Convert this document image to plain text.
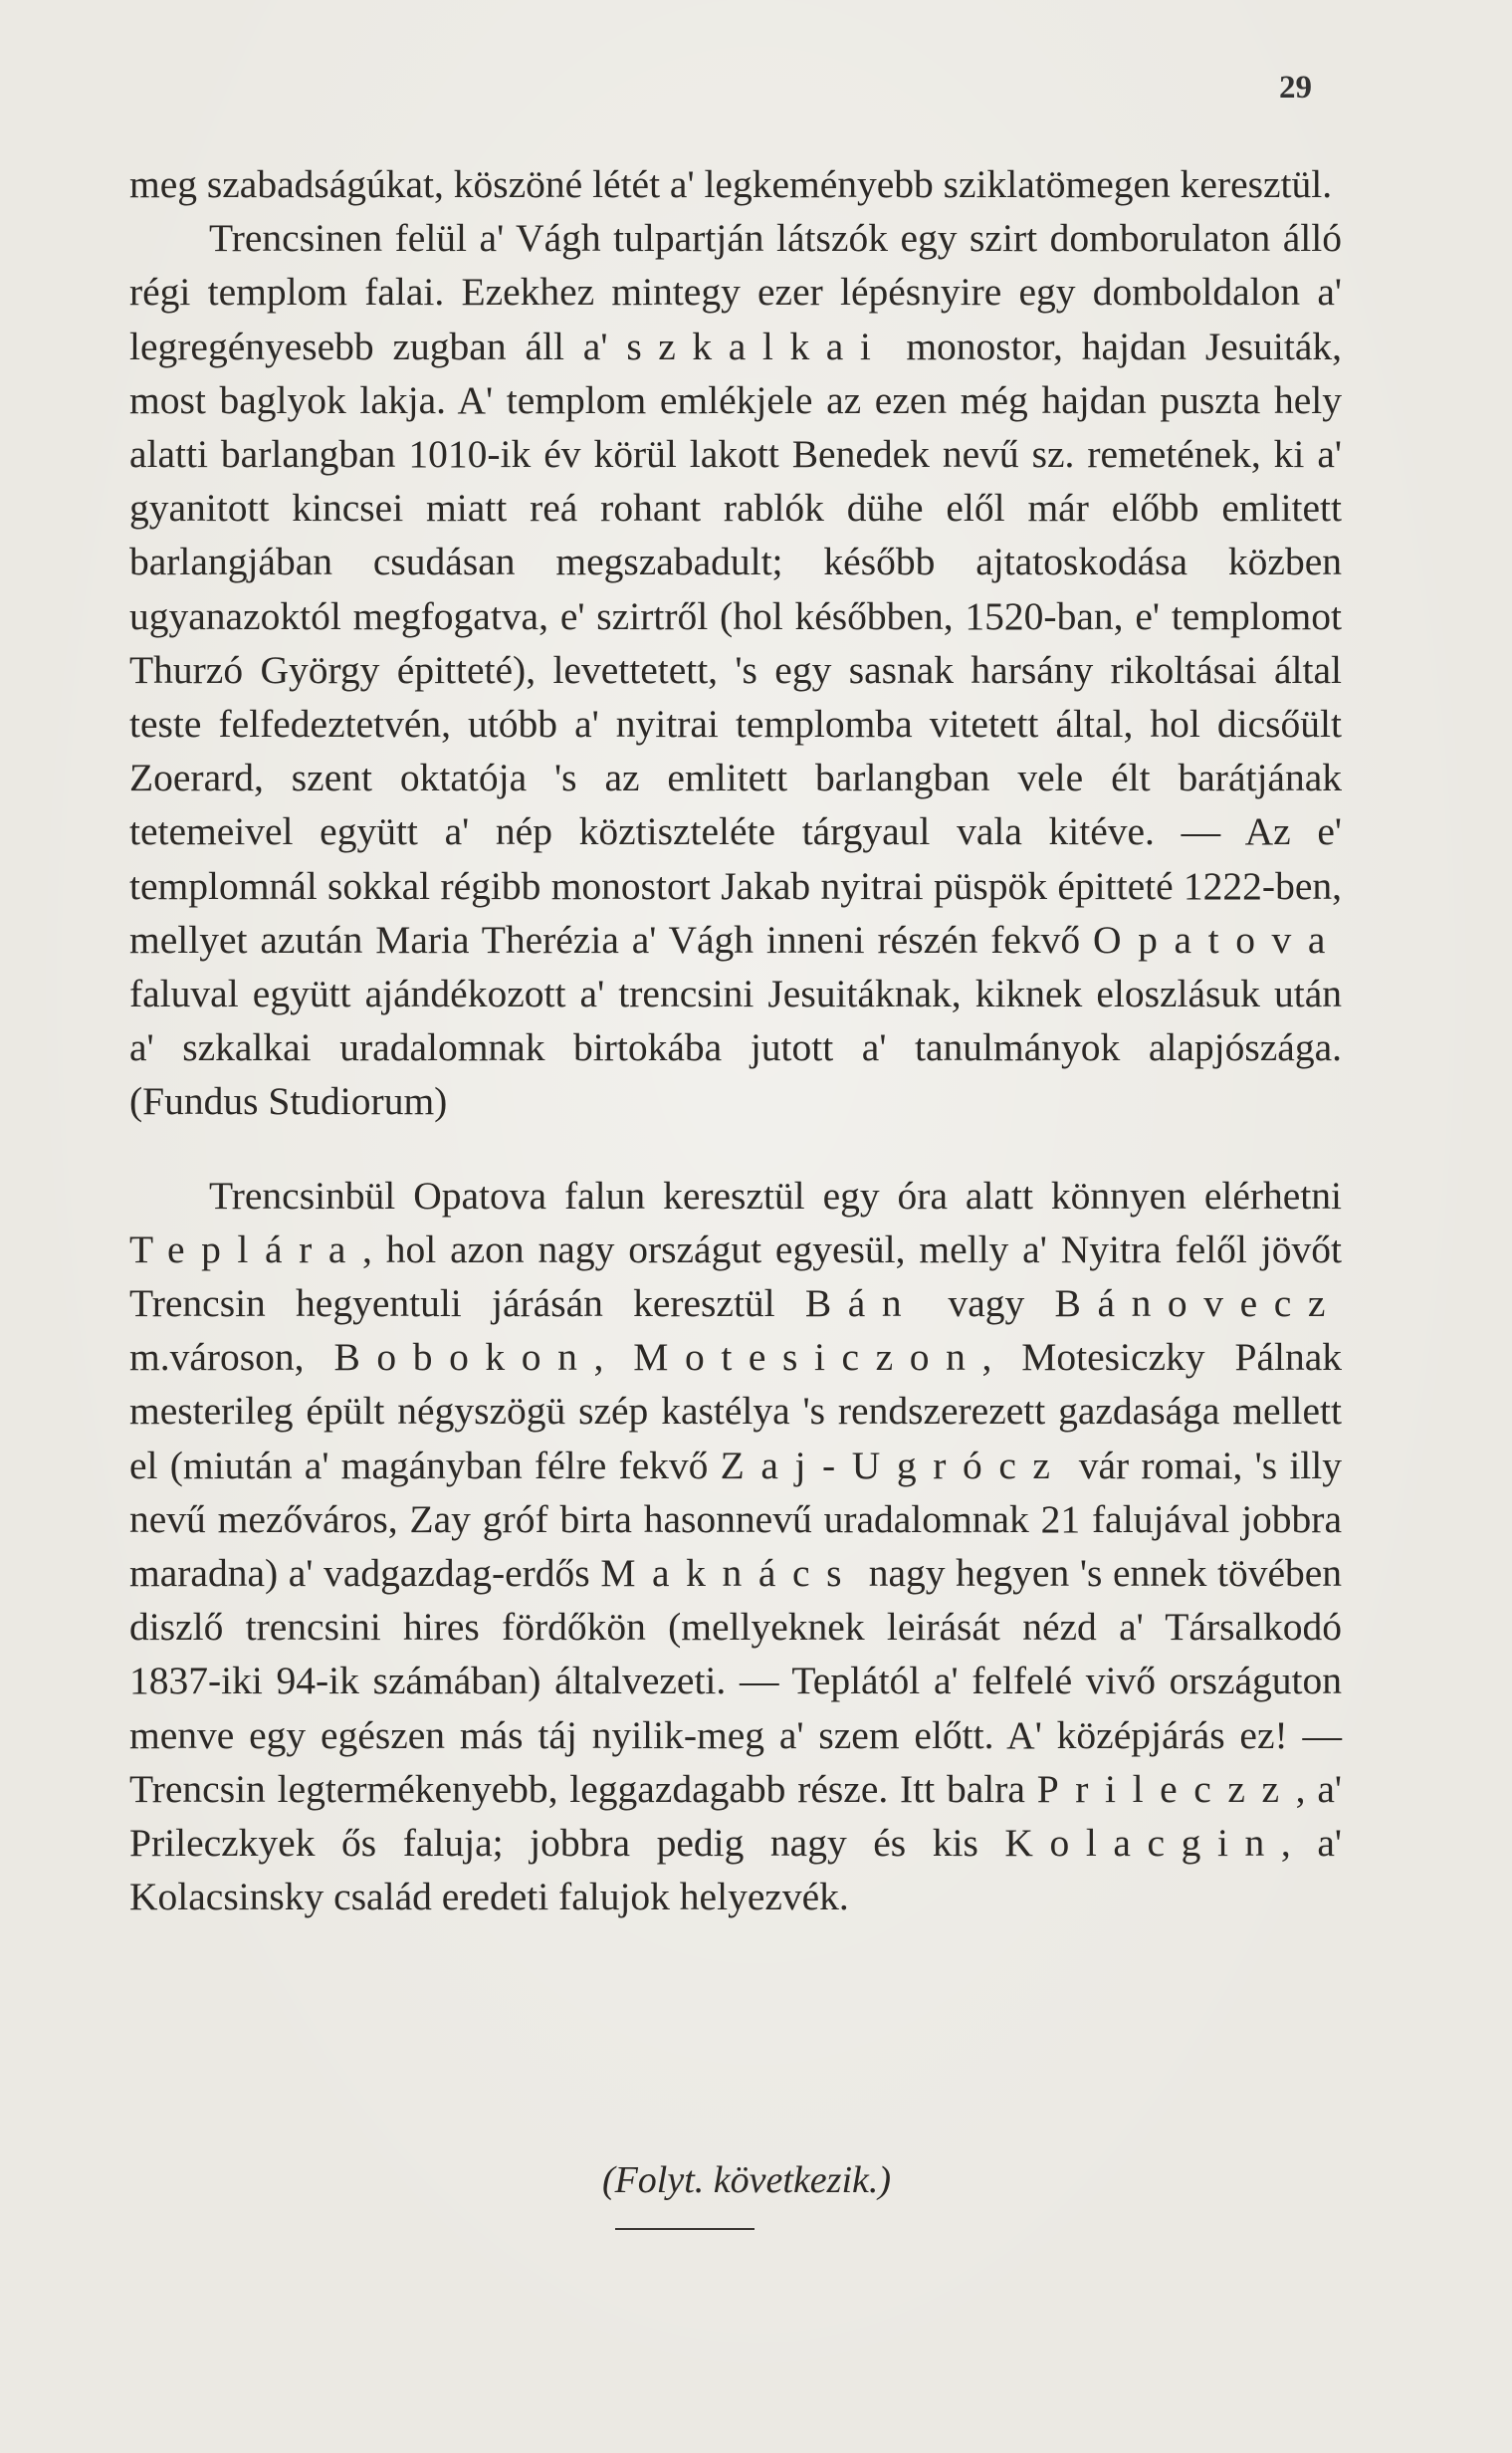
29

meg szabadságúkat, köszöné létét a' legkeményebb sziklatömegen keresztül.

Trencsinen felül a' Vágh tulpartján látszók egy szirt domborulaton álló régi templom falai. Ezekhez mintegy ezer lépésnyire egy domboldalon a' legregényesebb zugban áll a' szkalkai monostor, hajdan Jesuiták, most baglyok lakja. A' templom emlékjele az ezen még hajdan puszta hely alatti barlangban 1010-ik év körül lakott Benedek nevű sz. remetének, ki a' gyanitott kincsei miatt reá rohant rablók dühe elől már előbb emlitett barlangjában csudásan megszabadult; később ajtatoskodása közben ugyanazoktól megfogatva, e' szirtről (hol későbben, 1520-ban, e' templomot Thurzó György épitteté), levettetett, 's egy sasnak harsány rikoltásai által teste felfedeztetvén, utóbb a' nyitrai templomba vitetett által, hol dicsőült Zoerard, szent oktatója 's az emlitett barlangban vele élt barátjának tetemeivel együtt a' nép köztiszteléte tárgyaul vala kitéve. — Az e' templomnál sokkal régibb monostort Jakab nyitrai püspök épitteté 1222-ben, mellyet azután Maria Therézia a' Vágh inneni részén fekvő Opatova faluval együtt ajándékozott a' trencsini Jesuitáknak, kiknek eloszlásuk után a' szkalkai uradalomnak birtokába jutott a' tanulmányok alapjószága. (Fundus Studiorum)

Trencsinbül Opatova falun keresztül egy óra alatt könnyen elérhetni Teplára, hol azon nagy országut egyesül, melly a' Nyitra felől jövőt Trencsin hegyentuli járásán keresztül Bán vagy Bánovecz m.városon, Bobokon, Motesiczon, Motesiczky Pálnak mesterileg épült négyszögü szép kastélya 's rendszerezett gazdasága mellett el (miután a' magányban félre fekvő Zaj-Ugrócz vár romai, 's illy nevű mezőváros, Zay gróf birta hasonnevű uradalomnak 21 falujával jobbra maradna) a' vadgazdag-erdős Maknács nagy hegyen 's ennek tövében diszlő trencsini hires fördőkön (mellyeknek leirását nézd a' Társalkodó 1837-iki 94-ik számában) általvezeti. — Teplától a' felfelé vivő országuton menve egy egészen más táj nyilik-meg a' szem előtt. A' középjárás ez! — Trencsin legtermékenyebb, leggazdagabb része. Itt balra Prileczz, a' Prileczkyek ős faluja; jobbra pedig nagy és kis Kolacgin, a' Kolacsinsky család eredeti falujok helyezvék.

(Folyt. következik.)
